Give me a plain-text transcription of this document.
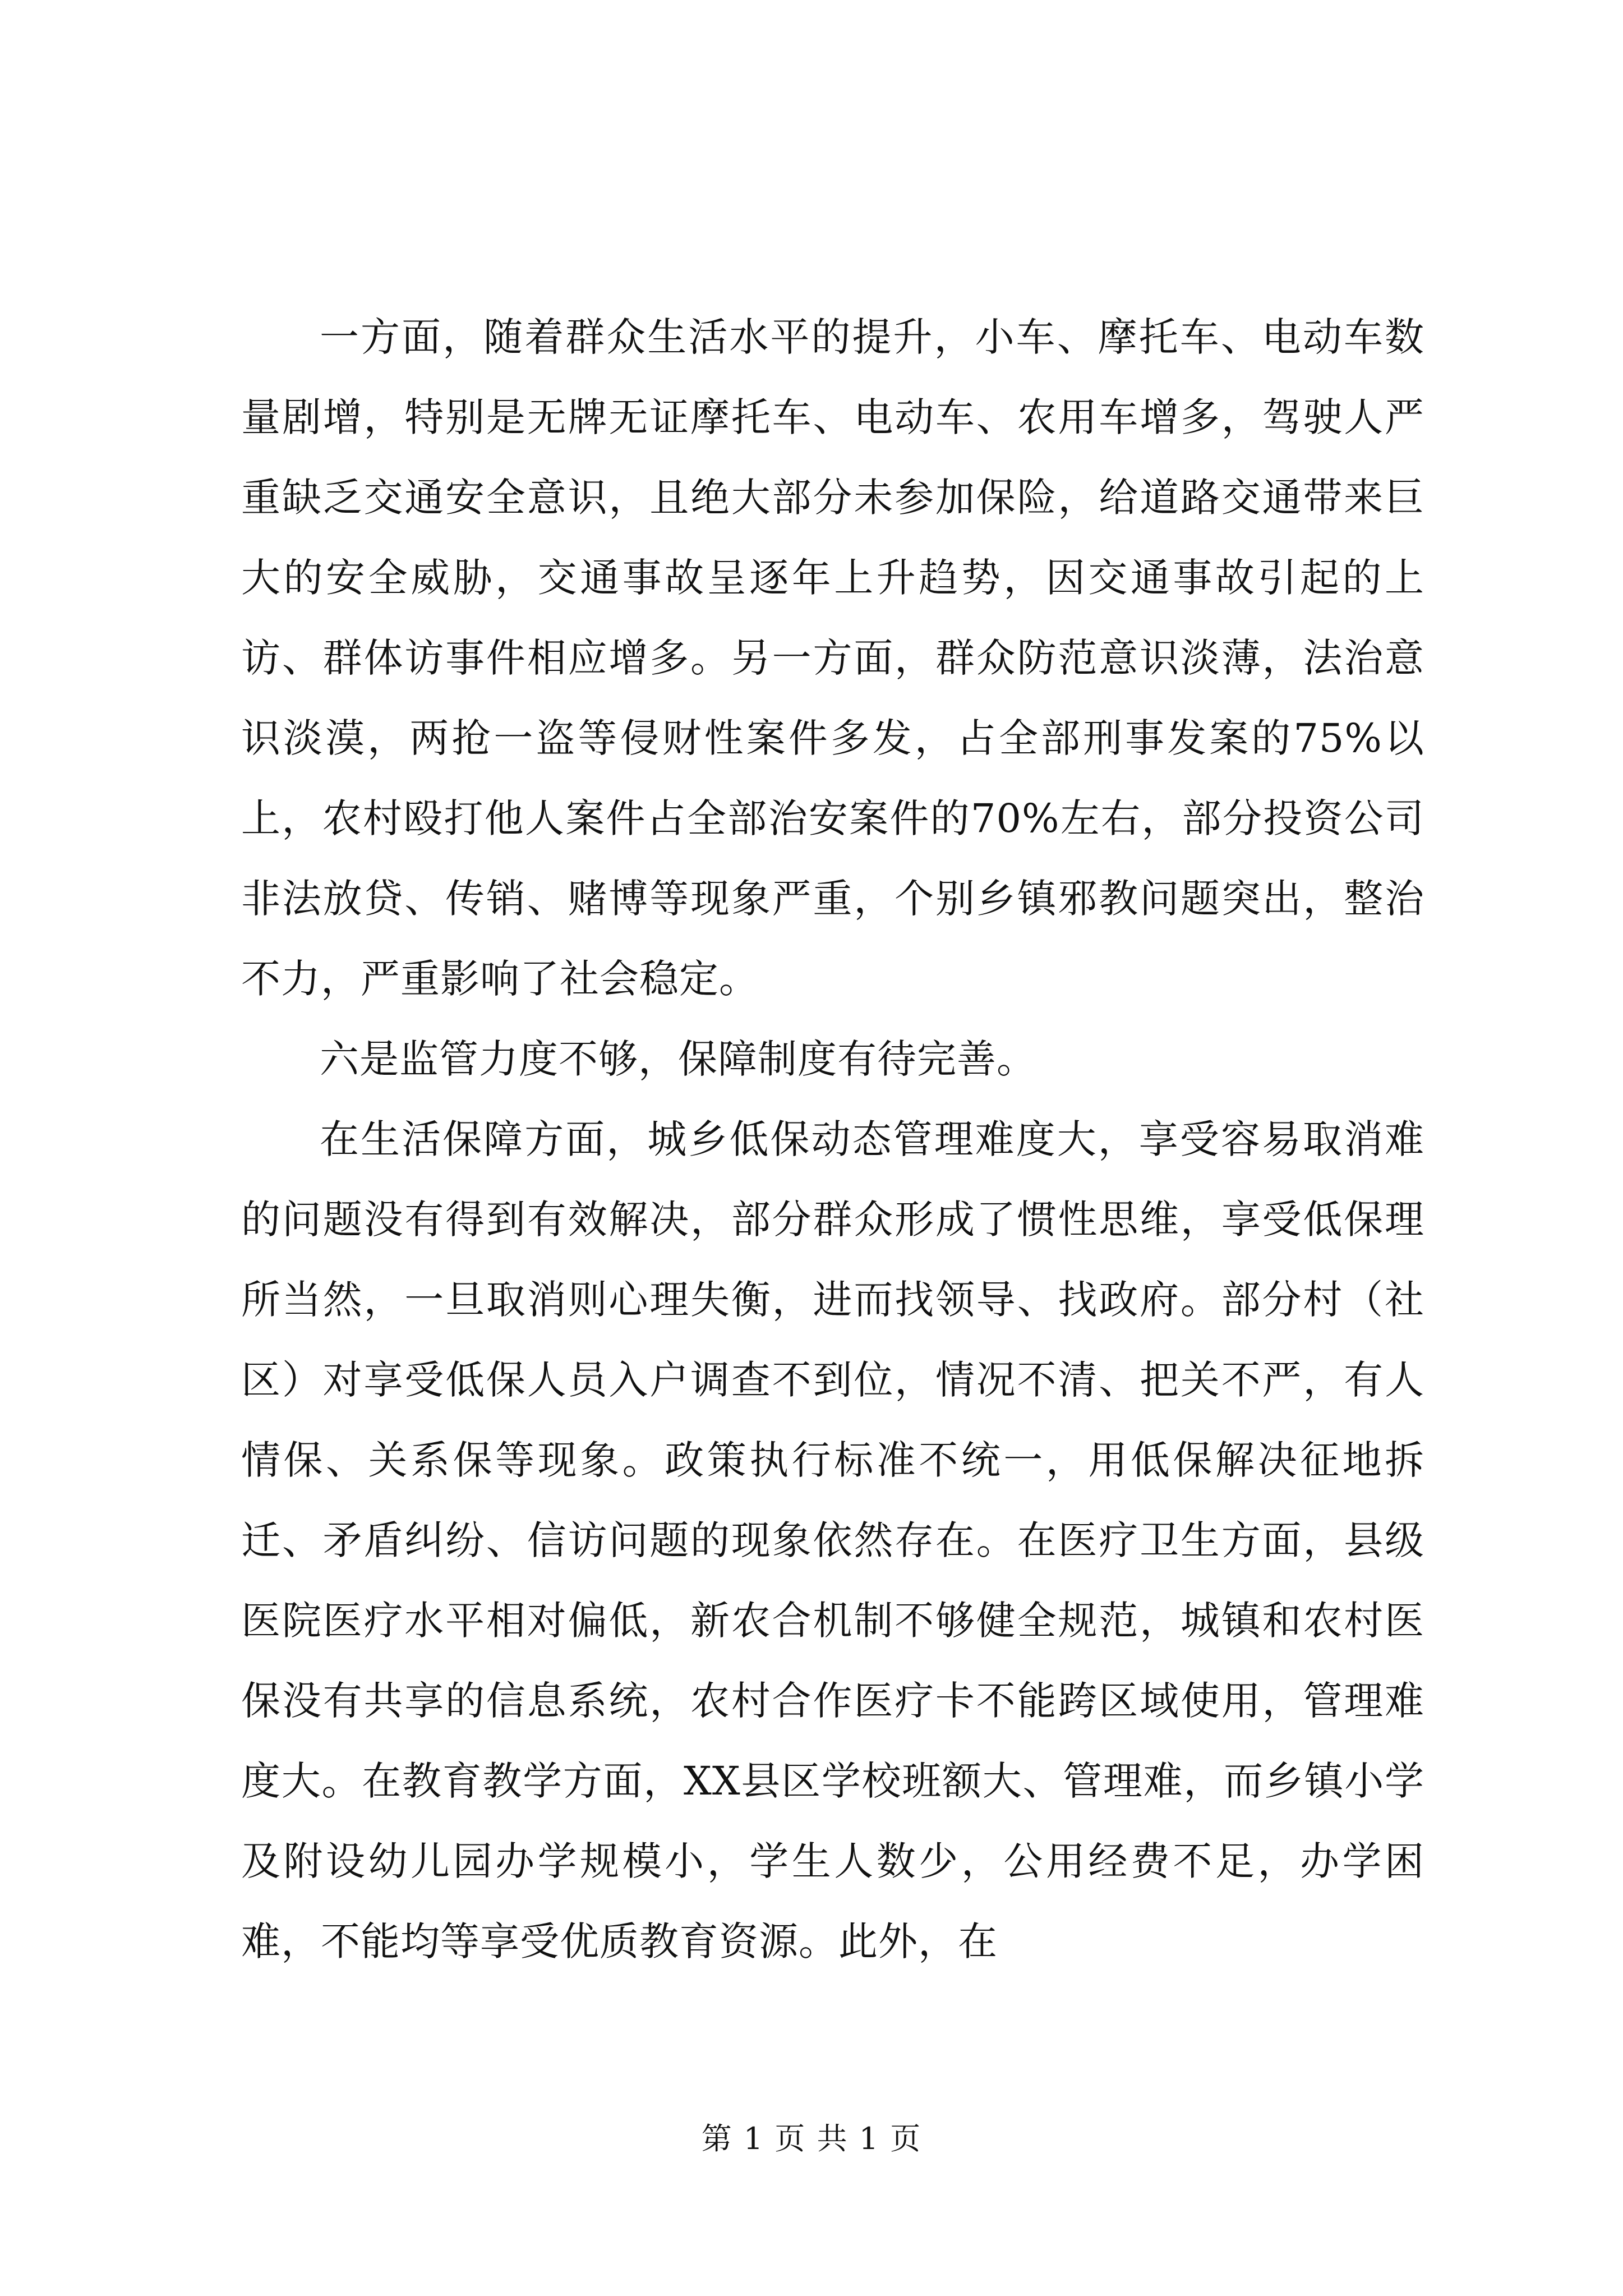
一方面，随着群众生活水平的提升，小车、摩托车、电动车数量剧增，特别是无牌无证摩托车、电动车、农用车增多，驾驶人严重缺乏交通安全意识，且绝大部分未参加保险，给道路交通带来巨大的安全威胁，交通事故呈逐年上升趋势，因交通事故引起的上访、群体访事件相应增多。另一方面，群众防范意识淡薄，法治意识淡漠，两抢一盗等侵财性案件多发，占全部刑事发案的75%以上，农村殴打他人案件占全部治安案件的70%左右，部分投资公司非法放贷、传销、赌博等现象严重，个别乡镇邪教问题突出，整治不力，严重影响了社会稳定。

六是监管力度不够，保障制度有待完善。

在生活保障方面，城乡低保动态管理难度大，享受容易取消难的问题没有得到有效解决，部分群众形成了惯性思维，享受低保理所当然，一旦取消则心理失衡，进而找领导、找政府。部分村（社区）对享受低保人员入户调查不到位，情况不清、把关不严，有人情保、关系保等现象。政策执行标准不统一，用低保解决征地拆迁、矛盾纠纷、信访问题的现象依然存在。在医疗卫生方面，县级医院医疗水平相对偏低，新农合机制不够健全规范，城镇和农村医保没有共享的信息系统，农村合作医疗卡不能跨区域使用，管理难度大。在教育教学方面，XX县区学校班额大、管理难，而乡镇小学及附设幼儿园办学规模小，学生人数少，公用经费不足，办学困难，不能均等享受优质教育资源。此外，在

第 1 页 共 1 页
